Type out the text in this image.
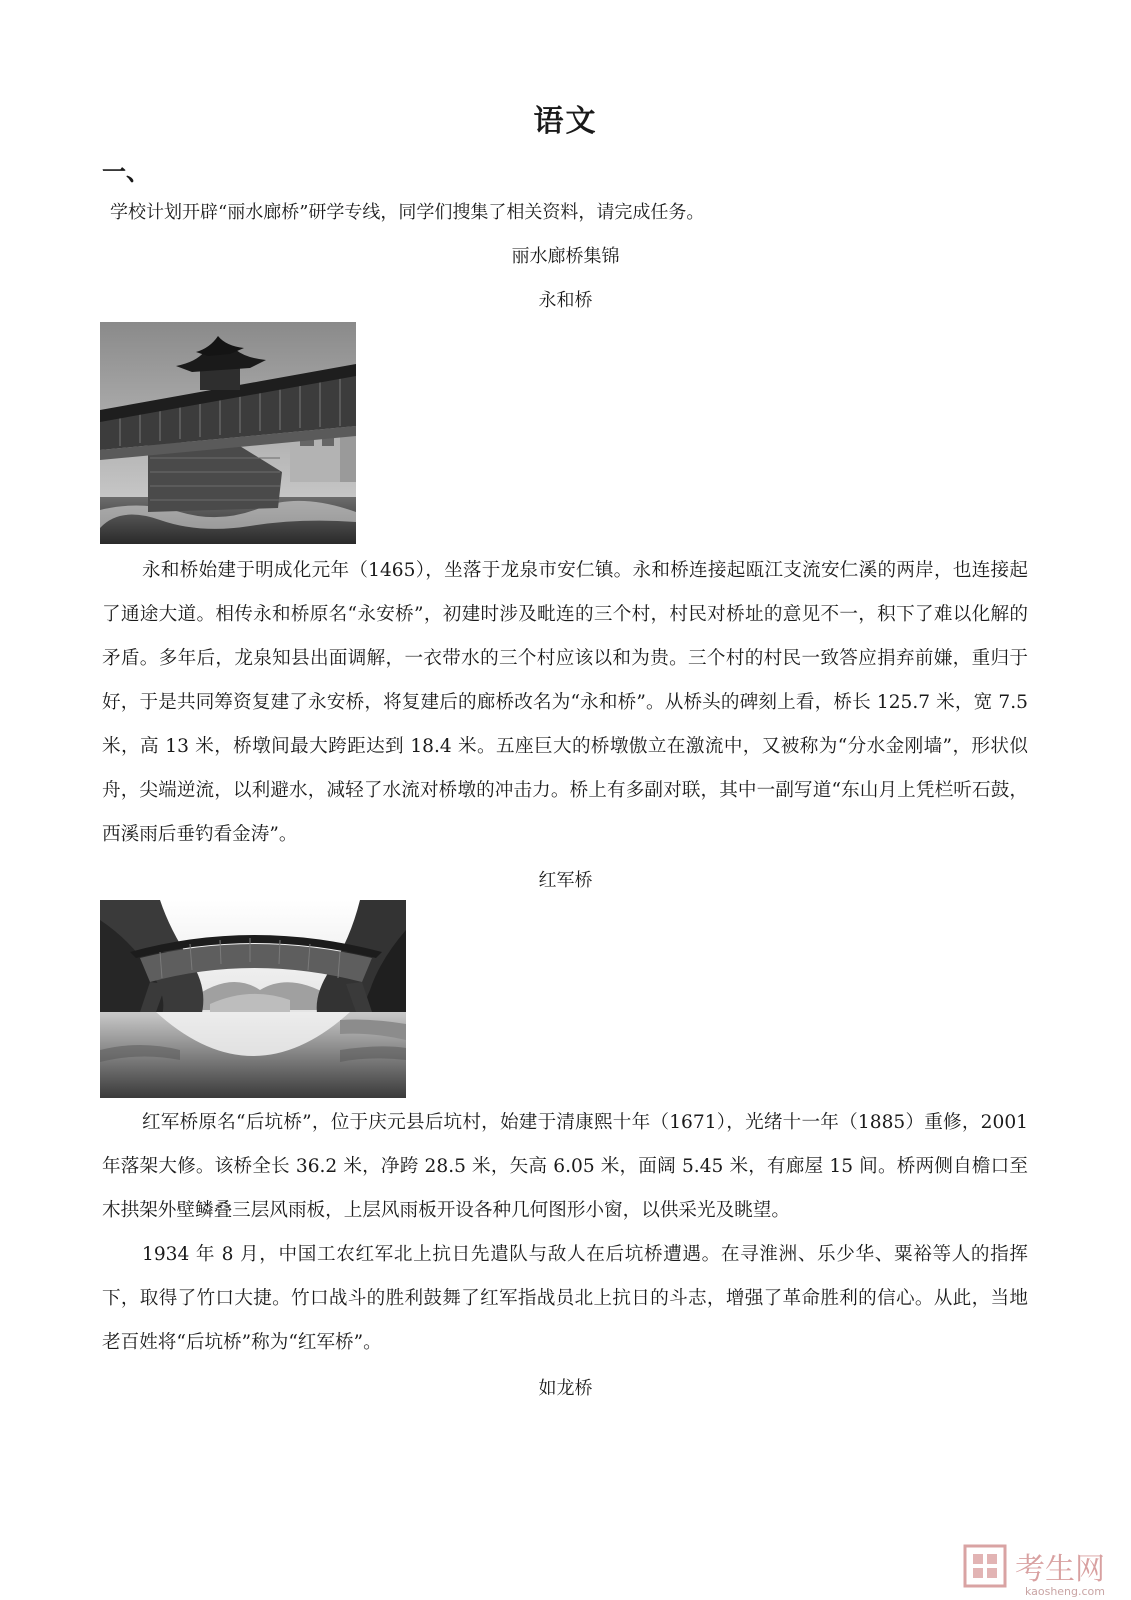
语文
一、
学校计划开辟“丽水廊桥”研学专线，同学们搜集了相关资料，请完成任务。
丽水廊桥集锦
永和桥

永和桥始建于明成化元年（1465），坐落于龙泉市安仁镇。永和桥连接起瓯江支流安仁溪的两岸，也连接起了通途大道。相传永和桥原名“永安桥”，初建时涉及毗连的三个村，村民对桥址的意见不一，积下了难以化解的矛盾。多年后，龙泉知县出面调解，一衣带水的三个村应该以和为贵。三个村的村民一致答应捐弃前嫌，重归于好，于是共同筹资复建了永安桥，将复建后的廊桥改名为“永和桥”。从桥头的碑刻上看，桥长 125.7 米，宽 7.5 米，高 13 米，桥墩间最大跨距达到 18.4 米。五座巨大的桥墩傲立在激流中，又被称为“分水金刚墙”，形状似舟，尖端逆流，以利避水，减轻了水流对桥墩的冲击力。桥上有多副对联，其中一副写道“东山月上凭栏听石鼓，西溪雨后垂钓看金涛”。

红军桥

红军桥原名“后坑桥”，位于庆元县后坑村，始建于清康熙十年（1671），光绪十一年（1885）重修，2001 年落架大修。该桥全长 36.2 米，净跨 28.5 米，矢高 6.05 米，面阔 5.45 米，有廊屋 15 间。桥两侧自檐口至木拱架外壁鳞叠三层风雨板，上层风雨板开设各种几何图形小窗，以供采光及眺望。

1934 年 8 月，中国工农红军北上抗日先遣队与敌人在后坑桥遭遇。在寻淮洲、乐少华、粟裕等人的指挥下，取得了竹口大捷。竹口战斗的胜利鼓舞了红军指战员北上抗日的斗志，增强了革命胜利的信心。从此，当地老百姓将“后坑桥”称为“红军桥”。

如龙桥
考生网
kaosheng.com
